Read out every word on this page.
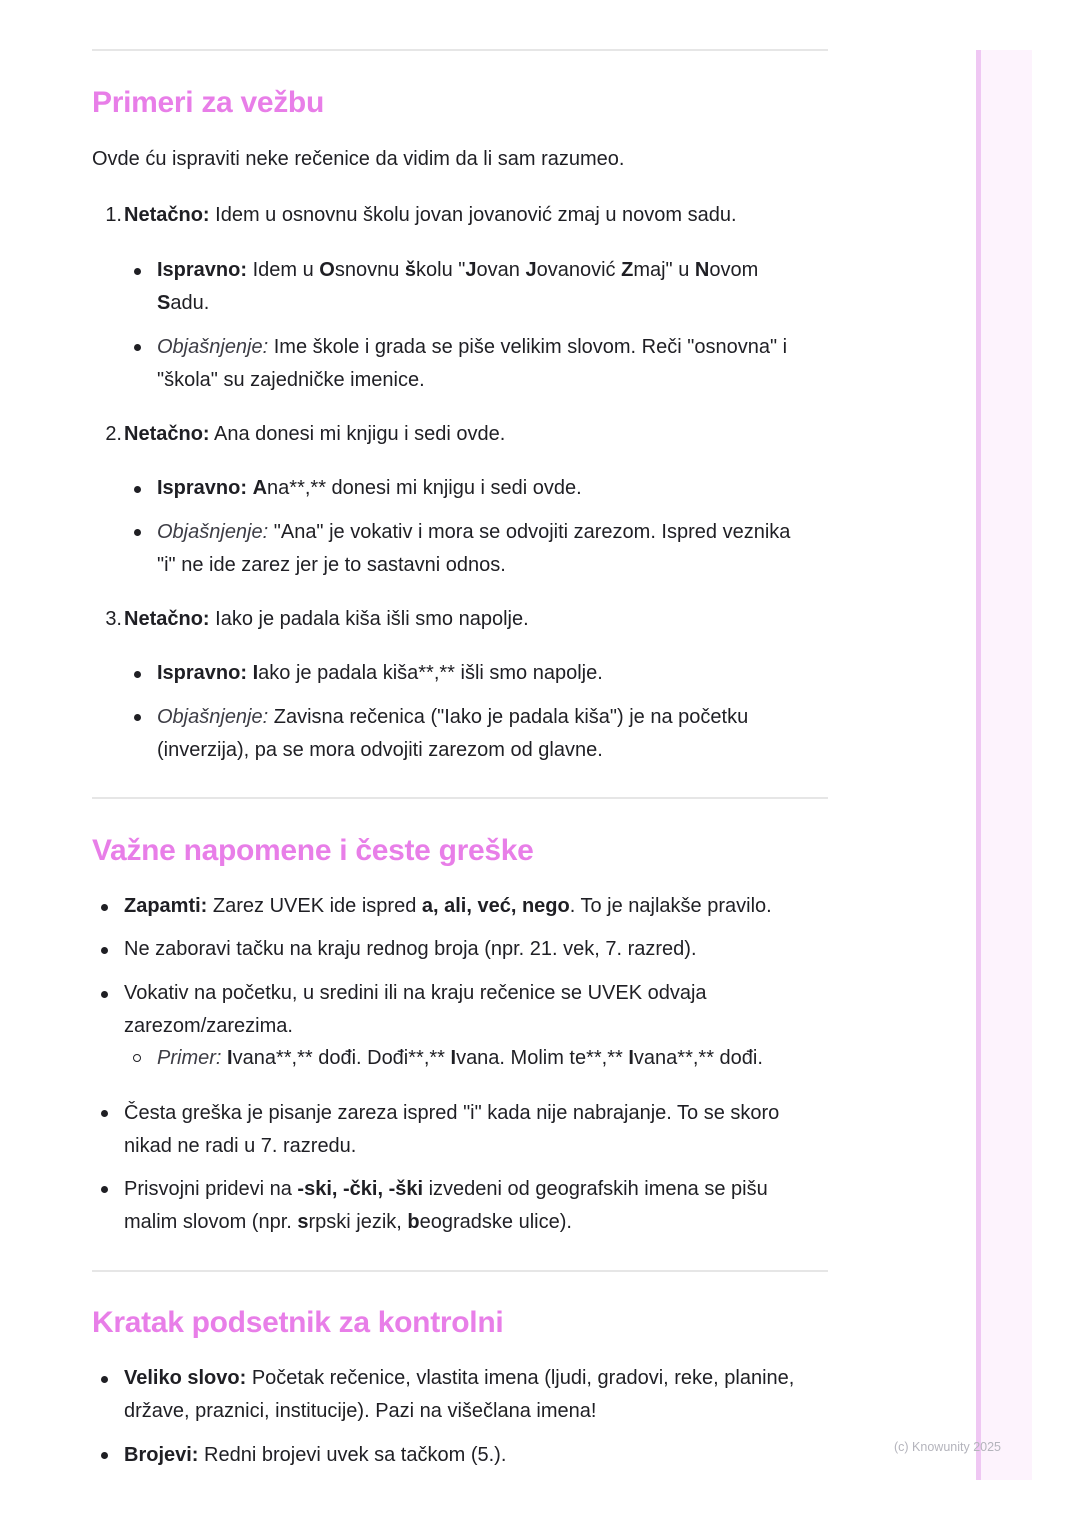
(c) Knowunity 2025
Primeri za vežbu
Ovde ću ispraviti neke rečenice da vidim da li sam razumeo.
1. Netačno: Idem u osnovnu školu jovan jovanović zmaj u novom sadu.
Ispravno: Idem u Osnovnu školu "Jovan Jovanović Zmaj" u Novom
Sadu.
Objašnjenje: Ime škole i grada se piše velikim slovom. Reči "osnovna" i
"škola" su zajedničke imenice.
2. Netačno: Ana donesi mi knjigu i sedi ovde.
Ispravno: Ana**,** donesi mi knjigu i sedi ovde.
Objašnjenje: "Ana" je vokativ i mora se odvojiti zarezom. Ispred veznika
"i" ne ide zarez jer je to sastavni odnos.
3. Netačno: Iako je padala kiša išli smo napolje.
Ispravno: Iako je padala kiša**,** išli smo napolje.
Objašnjenje: Zavisna rečenica ("Iako je padala kiša") je na početku
(inverzija), pa se mora odvojiti zarezom od glavne.
Važne napomene i česte greške
Zapamti: Zarez UVEK ide ispred a, ali, već, nego. To je najlakše pravilo.
Ne zaboravi tačku na kraju rednog broja (npr. 21. vek, 7. razred).
Vokativ na početku, u sredini ili na kraju rečenice se UVEK odvaja
zarezom/zarezima.
Primer: Ivana**,** dođi. Dođi**,** Ivana. Molim te**,** Ivana**,** dođi.
Česta greška je pisanje zareza ispred "i" kada nije nabrajanje. To se skoro
nikad ne radi u 7. razredu.
Prisvojni pridevi na -ski, -čki, -ški izvedeni od geografskih imena se pišu
malim slovom (npr. srpski jezik, beogradske ulice).
Kratak podsetnik za kontrolni
Veliko slovo: Početak rečenice, vlastita imena (ljudi, gradovi, reke, planine,
države, praznici, institucije). Pazi na višečlana imena!
Brojevi: Redni brojevi uvek sa tačkom (5.).
